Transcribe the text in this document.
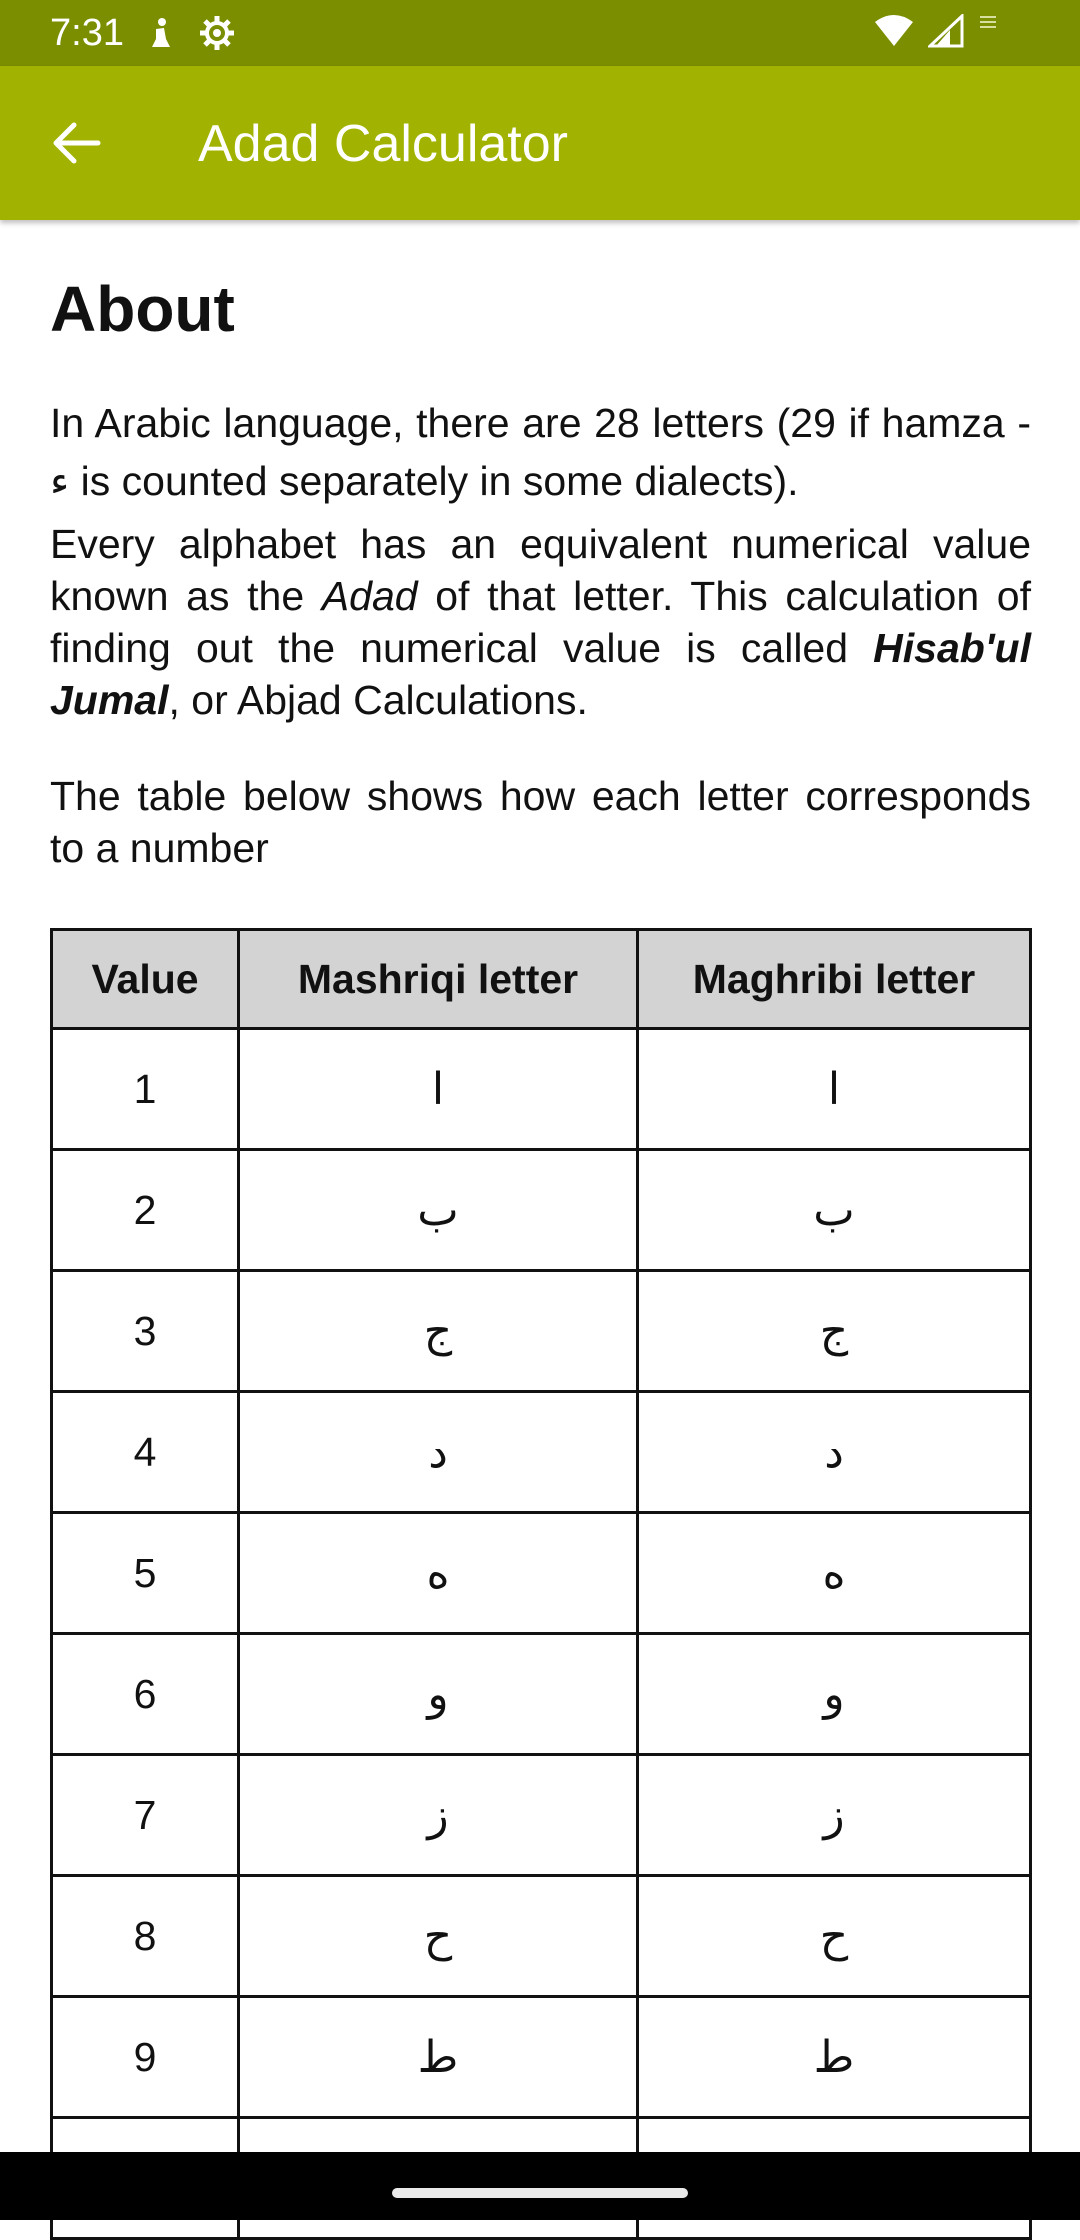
7:31
Adad Calculator
About

In Arabic language, there are 28 letters (29 if hamza - ء is counted separately in some dialects).

Every alphabet has an equivalent numerical value known as the Adad of that letter. This calculation of finding out the numerical value is called Hisab'ul Jumal, or Abjad Calculations.

The table below shows how each letter corresponds to a number

Value	Mashriqi letter	Maghribi letter
1	ا	ا
2	ب	ب
3	ج	ج
4	د	د
5	ه	ه
6	و	و
7	ز	ز
8	ح	ح
9	ط	ط
